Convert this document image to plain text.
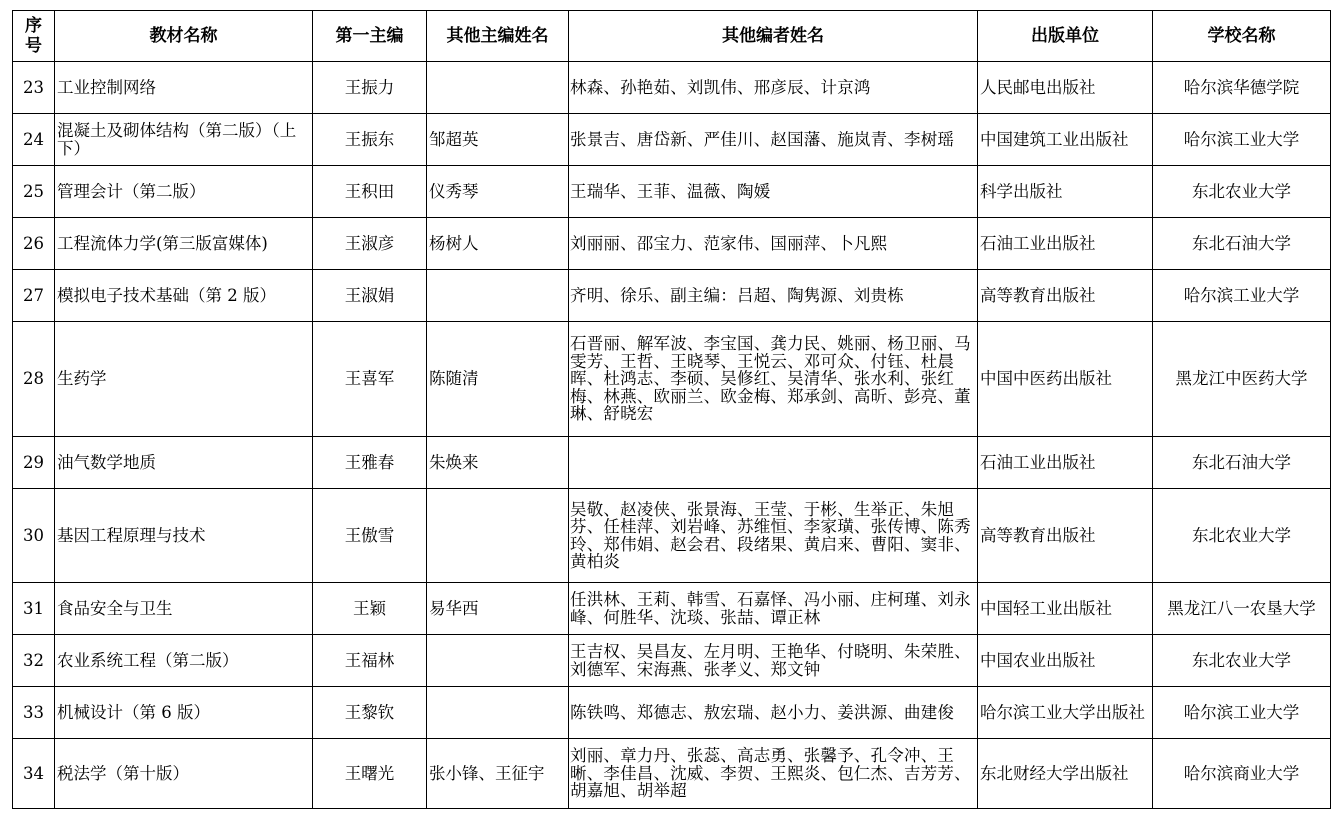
序号	教材名称	第一主编	其他主编姓名	其他编者姓名	出版单位	学校名称
23	工业控制网络	王振力		林森、孙艳茹、刘凯伟、邢彦辰、计京鸿	人民邮电出版社	哈尔滨华德学院
24	混凝土及砌体结构（第二版）（上下）	王振东	邹超英	张景吉、唐岱新、严佳川、赵国藩、施岚青、李树瑶	中国建筑工业出版社	哈尔滨工业大学
25	管理会计（第二版）	王积田	仪秀琴	王瑞华、王菲、温薇、陶媛	科学出版社	东北农业大学
26	工程流体力学(第三版富媒体)	王淑彦	杨树人	刘丽丽、邵宝力、范家伟、国丽萍、卜凡熙	石油工业出版社	东北石油大学
27	模拟电子技术基础（第 2 版）	王淑娟		齐明、徐乐、副主编：吕超、陶隽源、刘贵栋	高等教育出版社	哈尔滨工业大学
28	生药学	王喜军	陈随清	石晋丽、解军波、李宝国、龚力民、姚丽、杨卫丽、马雯芳、王哲、王晓琴、王悦云、邓可众、付钰、杜晨晖、杜鸿志、李硕、吴修红、吴清华、张水利、张红梅、林燕、欧丽兰、欧金梅、郑承剑、高昕、彭亮、董琳、舒晓宏	中国中医药出版社	黑龙江中医药大学
29	油气数学地质	王雅春	朱焕来		石油工业出版社	东北石油大学
30	基因工程原理与技术	王傲雪		吴敬、赵凌侠、张景海、王莹、于彬、生举正、朱旭芬、任桂萍、刘岩峰、苏维恒、李家璜、张传博、陈秀玲、郑伟娟、赵会君、段绪果、黄启来、曹阳、窦非、黄柏炎	高等教育出版社	东北农业大学
31	食品安全与卫生	王颖	易华西	任洪林、王莉、韩雪、石嘉怿、冯小丽、庄柯瑾、刘永峰、何胜华、沈琰、张喆、谭正林	中国轻工业出版社	黑龙江八一农垦大学
32	农业系统工程（第二版）	王福林		王吉权、吴昌友、左月明、王艳华、付晓明、朱荣胜、刘德军、宋海燕、张孝义、郑文钟	中国农业出版社	东北农业大学
33	机械设计（第 6 版）	王黎钦		陈铁鸣、郑德志、敖宏瑞、赵小力、姜洪源、曲建俊	哈尔滨工业大学出版社	哈尔滨工业大学
34	税法学（第十版）	王曙光	张小锋、王征宇	刘丽、章力丹、张蕊、高志勇、张馨予、孔令冲、王晰、李佳昌、沈威、李贺、王熙炎、包仁杰、吉芳芳、胡嘉旭、胡举超	东北财经大学出版社	哈尔滨商业大学
